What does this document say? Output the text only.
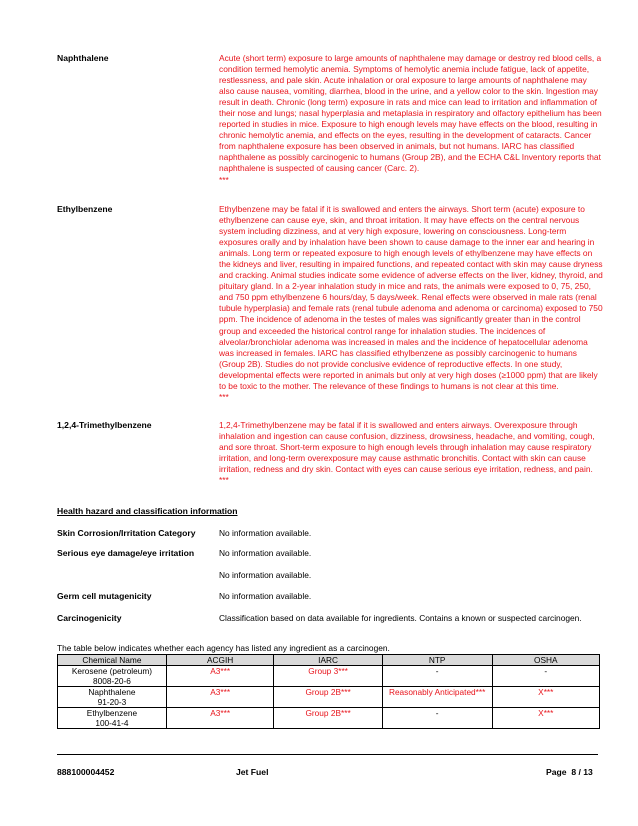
Naphthalene	Acute (short term) exposure to large amounts of naphthalene may damage or destroy red blood cells, a condition termed hemolytic anemia. Symptoms of hemolytic anemia include fatigue, lack of appetite, restlessness, and pale skin. Acute inhalation or oral exposure to large amounts of naphthalene may also cause nausea, vomiting, diarrhea, blood in the urine, and a yellow color to the skin. Ingestion may result in death. Chronic (long term) exposure in rats and mice can lead to irritation and inflammation of their nose and lungs; nasal hyperplasia and metaplasia in respiratory and olfactory epithelium has been reported in studies in mice. Exposure to high enough levels may have effects on the blood, resulting in chronic hemolytic anemia, and effects on the eyes, resulting in the development of cataracts. Cancer from naphthalene exposure has been observed in animals, but not humans. IARC has classified naphthalene as possibly carcinogenic to humans (Group 2B), and the ECHA C&L Inventory reports that naphthalene is suspected of causing cancer (Carc. 2).
***
Ethylbenzene	Ethylbenzene may be fatal if it is swallowed and enters the airways. Short term (acute) exposure to ethylbenzene can cause eye, skin, and throat irritation. It may have effects on the central nervous system including dizziness, and at very high exposure, lowering on consciousness. Long-term exposures orally and by inhalation have been shown to cause damage to the inner ear and hearing in animals. Long term or repeated exposure to high enough levels of ethylbenzene may have effects on the kidneys and liver, resulting in impaired functions, and repeated contact with skin may cause dryness and cracking. Animal studies indicate some evidence of adverse effects on the liver, kidney, thyroid, and pituitary gland. In a 2-year inhalation study in mice and rats, the animals were exposed to 0, 75, 250, and 750 ppm ethylbenzene 6 hours/day, 5 days/week. Renal effects were observed in male rats (renal tubule hyperplasia) and female rats (renal tubule adenoma and adenoma or carcinoma) exposed to 750 ppm. The incidence of adenoma in the testes of males was significantly greater than in the control group and exceeded the historical control range for inhalation studies. The incidences of alveolar/bronchiolar adenoma was increased in males and the incidence of hepatocellular adenoma was increased in females. IARC has classified ethylbenzene as possibly carcinogenic to humans (Group 2B). Studies do not provide conclusive evidence of reproductive effects. In one study, developmental effects were reported in animals but only at very high doses (≥1000 ppm) that are likely to be toxic to the mother. The relevance of these findings to humans is not clear at this time.
***
1,2,4-Trimethylbenzene	1,2,4-Trimethylbenzene may be fatal if it is swallowed and enters airways. Overexposure through inhalation and ingestion can cause confusion, dizziness, drowsiness, headache, and vomiting, cough, and sore throat. Short-term exposure to high enough levels through inhalation may cause respiratory irritation, and long-term overexposure may cause asthmatic bronchitis. Contact with skin can cause irritation, redness and dry skin. Contact with eyes can cause serious eye irritation, redness, and pain.
***
Health hazard and classification information
Skin Corrosion/Irritation Category	No information available.
Serious eye damage/eye irritation	No information available.
No information available.
Germ cell mutagenicity	No information available.
Carcinogenicity	Classification based on data available for ingredients. Contains a known or suspected carcinogen.
The table below indicates whether each agency has listed any ingredient as a carcinogen.
Chemical Name	ACGIH	IARC	NTP	OSHA

Kerosene (petroleum)
8008-20-6	A3***	Group 3***	-	-

Naphthalene
91-20-3	A3***	Group 2B***	Reasonably Anticipated***	X***

Ethylbenzene
100-41-4	A3***	Group 2B***	-	X***
888100004452	Jet Fuel	Page  8 / 13
